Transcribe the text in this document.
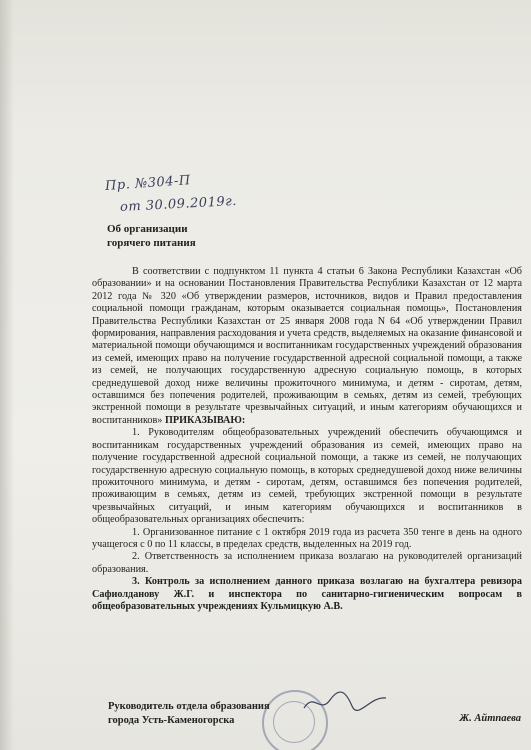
Пр. №304-П
от 30.09.2019г.
Об организации
горячего питания

В соответствии с подпунктом 11 пункта 4 статьи 6 Закона Республики Казахстан «Об образовании» и на основании Постановления Правительства Республики Казахстан от 12 марта 2012 года № 320 «Об утверждении размеров, источников, видов и Правил предоставления социальной помощи гражданам, которым оказывается социальная помощь», Постановления Правительства Республики Казахстан от 25 января 2008 года N 64 «Об утверждении Правил формирования, направления расходования и учета средств, выделяемых на оказание финансовой и материальной помощи обучающимся и воспитанникам государственных учреждений образования из семей, имеющих право на получение государственной адресной социальной помощи, а также из семей, не получающих государственную адресную социальную помощь, в которых среднедушевой доход ниже величины прожиточного минимума, и детям - сиротам, детям, оставшимся без попечения родителей, проживающим в семьях, детям из семей, требующих экстренной помощи в результате чрезвычайных ситуаций, и иным категориям обучающихся и воспитанников» ПРИКАЗЫВАЮ:

1. Руководителям общеобразовательных учреждений обеспечить обучающимся и воспитанникам государственных учреждений образования из семей, имеющих право на получение государственной адресной социальной помощи, а также из семей, не получающих государственную адресную социальную помощь, в которых среднедушевой доход ниже величины прожиточного минимума, и детям - сиротам, детям, оставшимся без попечения родителей, проживающим в семьях, детям из семей, требующих экстренной помощи в результате чрезвычайных ситуаций, и иным категориям обучающихся и воспитанников в общеобразовательных организациях обеспечить:

1. Организованное питание с 1 октября 2019 года из расчета 350 тенге в день на одного учащегося с 0 по 11 классы, в пределах средств, выделенных на 2019 год.

2. Ответственность за исполнением приказа возлагаю на руководителей организаций образования.

3. Контроль за исполнением данного приказа возлагаю на бухгалтера ревизора Сафиолданову Ж.Г. и инспектора по санитарно-гигиеническим вопросам в общеобразовательных учреждениях Кульмицкую А.В.

Руководитель отдела образования
города Усть-Каменогорска	Ж. Айтпаева
